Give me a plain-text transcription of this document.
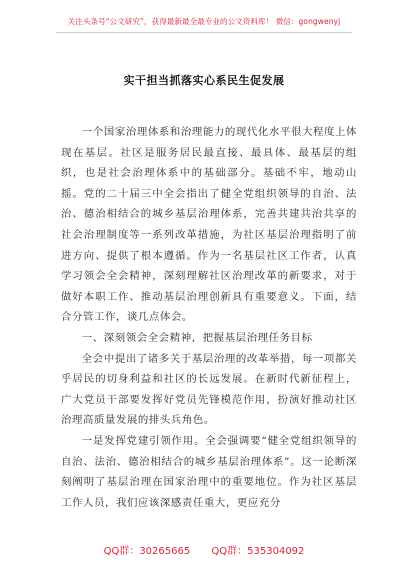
关注头条号“公文研究”，获得最新最全最专业的公文资料库！ 微信：gongwenyj
实干担当抓落实心系民生促发展

一个国家治理体系和治理能力的现代化水平很大程度上体现在基层。社区是服务居民最直接、最具体、最基层的组织，也是社会治理体系中的基础部分。基础不牢，地动山摇。党的二十届三中全会指出了健全党组织领导的自治、法治、德治相结合的城乡基层治理体系，完善共建共治共享的社会治理制度等一系列改革措施，为社区基层治理指明了前进方向、提供了根本遵循。作为一名基层社区工作者，认真学习领会全会精神，深刻理解社区治理改革的新要求，对于做好本职工作、推动基层治理创新具有重要意义。下面，结合分管工作，谈几点体会。

一、深刻领会全会精神，把握基层治理任务目标

全会中提出了诸多关于基层治理的改革举措，每一项都关乎居民的切身利益和社区的长远发展。在新时代新征程上，广大党员干部要发挥好党员先锋模范作用，扮演好推动社区治理高质量发展的排头兵角色。

一是发挥党建引领作用。全会强调要“健全党组织领导的自治、法治、德治相结合的城乡基层治理体系”。这一论断深刻阐明了基层治理在国家治理中的重要地位。作为社区基层工作人员，我们应该深感责任重大，更应充分

QQ群：30265665 QQ群：535304092
